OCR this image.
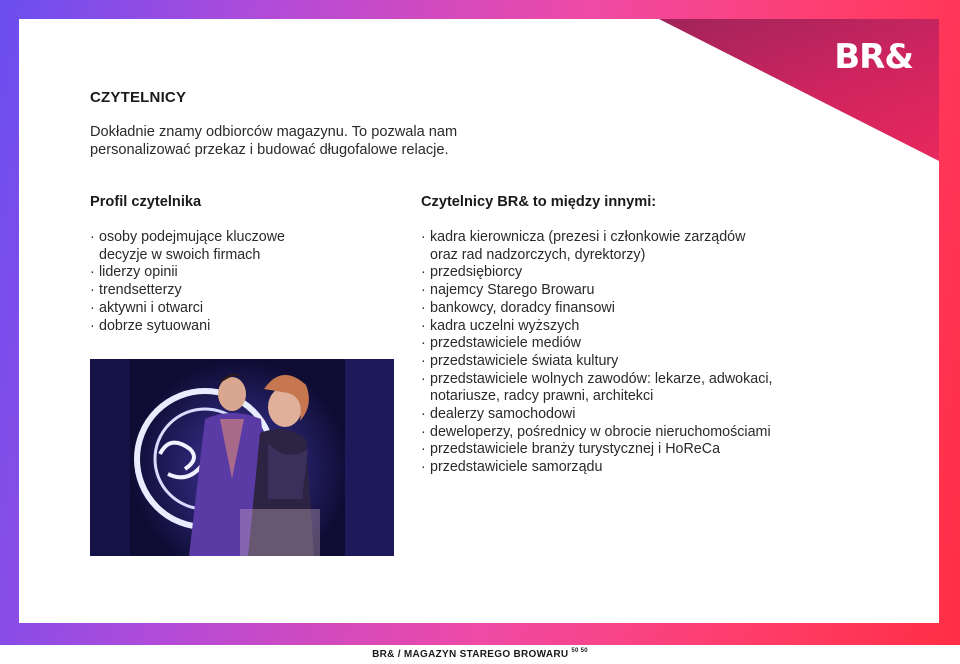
BR&
CZYTELNICY
Dokładnie znamy odbiorców magazynu. To pozwala nam personalizować przekaz i budować długofalowe relacje.
Profil czytelnika
· osoby podejmujące kluczowe
decyzje w swoich firmach
· liderzy opinii
· trendsetterzy
· aktywni i otwarci
· dobrze sytuowani
Czytelnicy BR& to między innymi:
· kadra kierownicza (prezesi i członkowie zarządów
oraz rad nadzorczych, dyrektorzy)
· przedsiębiorcy
· najemcy Starego Browaru
· bankowcy, doradcy finansowi
· kadra uczelni wyższych
· przedstawiciele mediów
· przedstawiciele świata kultury
· przedstawiciele wolnych zawodów: lekarze, adwokaci,
notariusze, radcy prawni, architekci
· dealerzy samochodowi
· deweloperzy, pośrednicy w obrocie nieruchomościami
· przedstawiciele branży turystycznej i HoReCa
· przedstawiciele samorządu
BR& / MAGAZYN STAREGO BROWARU $^{50 50}$
